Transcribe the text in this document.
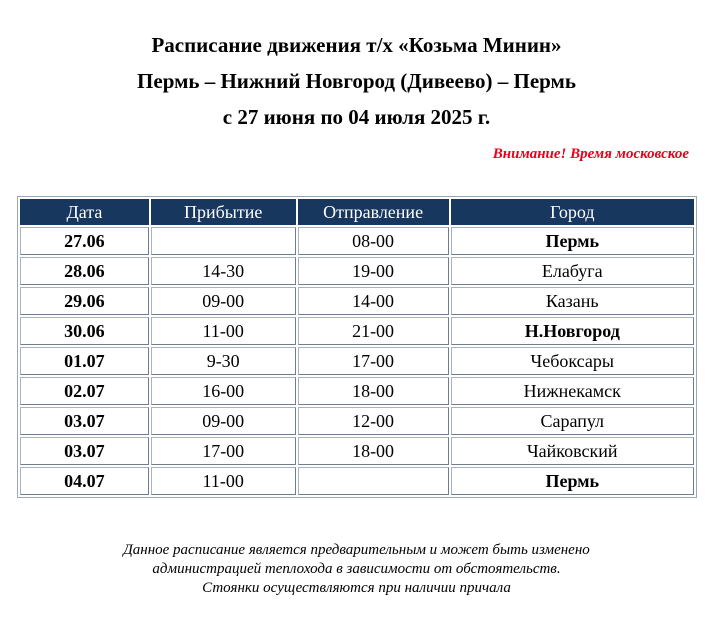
Расписание движения т/х «Козьма Минин»
Пермь – Нижний Новгород (Дивеево) – Пермь
с 27 июня по 04 июля 2025 г.
Внимание! Время московское
Дата	Прибытие	Отправление	Город
27.06		08-00	Пермь
28.06	14-30	19-00	Елабуга
29.06	09-00	14-00	Казань
30.06	11-00	21-00	Н.Новгород
01.07	9-30	17-00	Чебоксары
02.07	16-00	18-00	Нижнекамск
03.07	09-00	12-00	Сарапул
03.07	17-00	18-00	Чайковский
04.07	11-00		Пермь
Данное расписание является предварительным и может быть изменено
администрацией теплохода в зависимости от обстоятельств.
Стоянки осуществляются при наличии причала
